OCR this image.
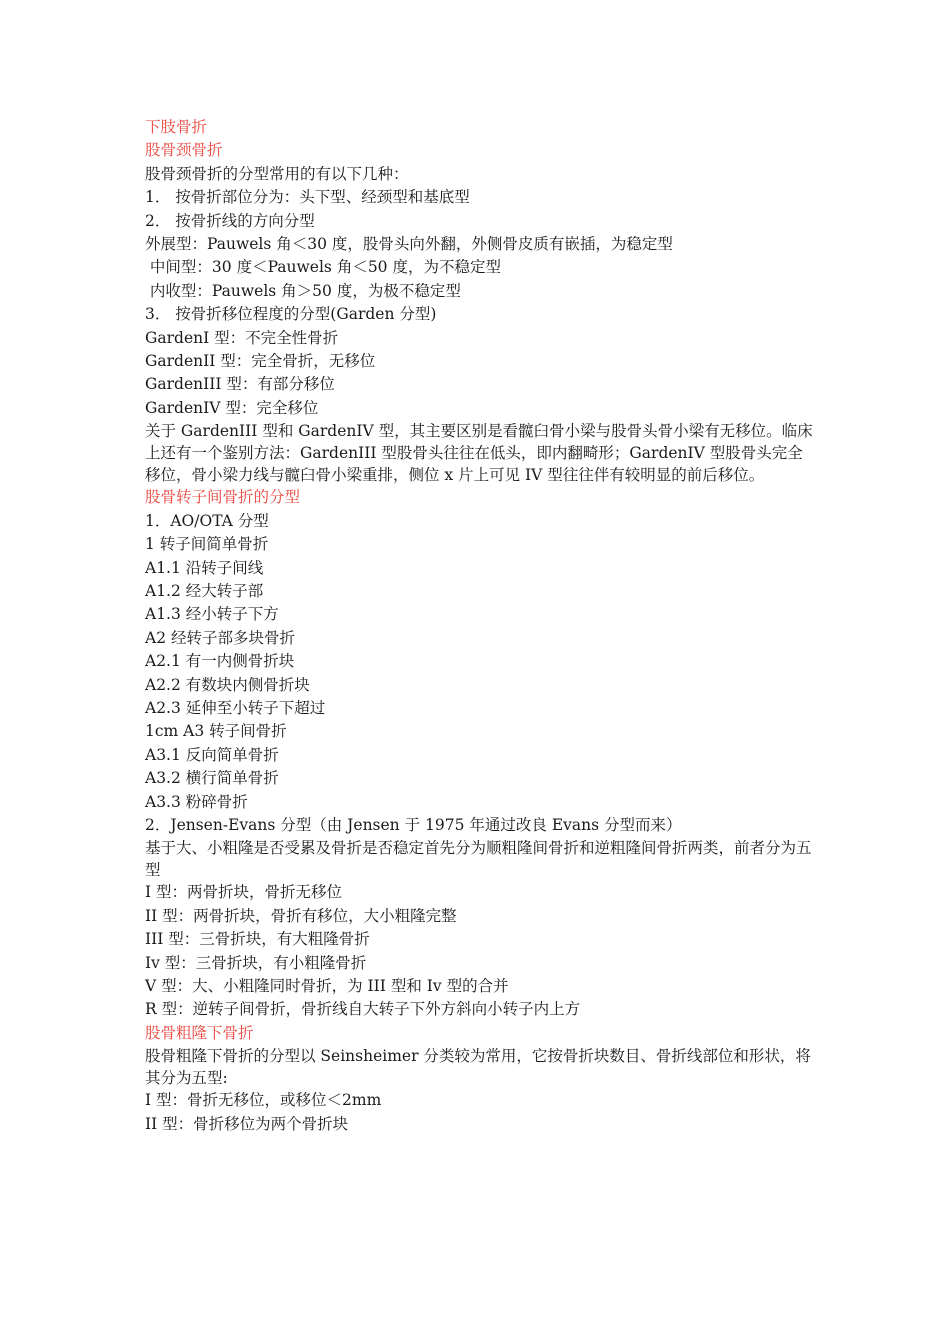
下肢骨折

股骨颈骨折

股骨颈骨折的分型常用的有以下几种：

1． 按骨折部位分为：头下型、经颈型和基底型

2． 按骨折线的方向分型

外展型：Pauwels 角＜30 度，股骨头向外翻，外侧骨皮质有嵌插，为稳定型

中间型：30 度＜Pauwels 角＜50 度，为不稳定型

内收型：Pauwels 角＞50 度，为极不稳定型

3． 按骨折移位程度的分型(Garden 分型)

GardenI 型：不完全性骨折

GardenII 型：完全骨折，无移位

GardenIII 型：有部分移位

GardenIV 型：完全移位

关于 GardenIII 型和 GardenIV 型，其主要区别是看髋臼骨小梁与股骨头骨小梁有无移位。临床上还有一个鉴别方法：GardenIII 型股骨头往往在低头，即内翻畸形；GardenIV 型股骨头完全移位，骨小梁力线与髋臼骨小梁重排，侧位 x 片上可见 IV 型往往伴有较明显的前后移位。

股骨转子间骨折的分型

1．AO/OTA 分型

1 转子间简单骨折

A1.1 沿转子间线

A1.2 经大转子部

A1.3 经小转子下方

A2 经转子部多块骨折

A2.1 有一内侧骨折块

A2.2 有数块内侧骨折块

A2.3 延伸至小转子下超过

1cm A3 转子间骨折

A3.1 反向简单骨折

A3.2 横行简单骨折

A3.3 粉碎骨折

2．Jensen-Evans 分型（由 Jensen 于 1975 年通过改良 Evans 分型而来）

基于大、小粗隆是否受累及骨折是否稳定首先分为顺粗隆间骨折和逆粗隆间骨折两类，前者分为五型

I 型：两骨折块，骨折无移位

II 型：两骨折块，骨折有移位，大小粗隆完整

III 型：三骨折块，有大粗隆骨折

Iv 型：三骨折块，有小粗隆骨折

V 型：大、小粗隆同时骨折，为 III 型和 Iv 型的合并

R 型：逆转子间骨折，骨折线自大转子下外方斜向小转子内上方

股骨粗隆下骨折

股骨粗隆下骨折的分型以 Seinsheimer 分类较为常用，它按骨折块数目、骨折线部位和形状，将其分为五型:

I 型：骨折无移位，或移位＜2mm

II 型：骨折移位为两个骨折块
